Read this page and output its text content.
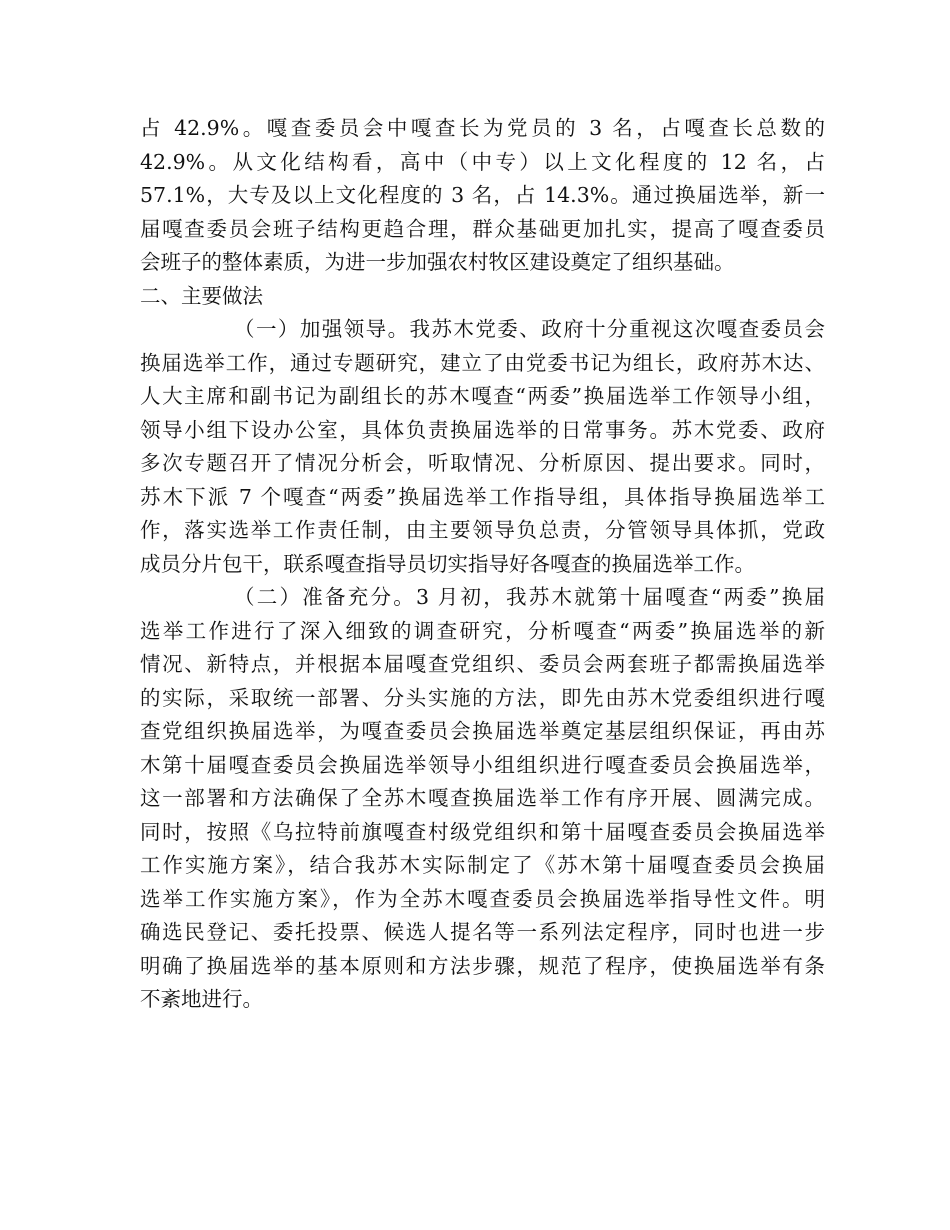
占 42.9%。嘎查委员会中嘎查长为党员的 3 名，占嘎查长总数的
42.9%。从文化结构看，高中（中专）以上文化程度的 12 名，占
57.1%，大专及以上文化程度的 3 名，占 14.3%。通过换届选举，新一
届嘎查委员会班子结构更趋合理，群众基础更加扎实，提高了嘎查委员
会班子的整体素质，为进一步加强农村牧区建设奠定了组织基础。
二、主要做法
（一）加强领导。我苏木党委、政府十分重视这次嘎查委员会
换届选举工作，通过专题研究，建立了由党委书记为组长，政府苏木达、
人大主席和副书记为副组长的苏木嘎查“两委”换届选举工作领导小组，
领导小组下设办公室，具体负责换届选举的日常事务。苏木党委、政府
多次专题召开了情况分析会，听取情况、分析原因、提出要求。同时，
苏木下派 7 个嘎查“两委”换届选举工作指导组，具体指导换届选举工
作，落实选举工作责任制，由主要领导负总责，分管领导具体抓，党政
成员分片包干，联系嘎查指导员切实指导好各嘎查的换届选举工作。
（二）准备充分。3 月初，我苏木就第十届嘎查“两委”换届
选举工作进行了深入细致的调查研究，分析嘎查“两委”换届选举的新
情况、新特点，并根据本届嘎查党组织、委员会两套班子都需换届选举
的实际，采取统一部署、分头实施的方法，即先由苏木党委组织进行嘎
查党组织换届选举，为嘎查委员会换届选举奠定基层组织保证，再由苏
木第十届嘎查委员会换届选举领导小组组织进行嘎查委员会换届选举，
这一部署和方法确保了全苏木嘎查换届选举工作有序开展、圆满完成。
同时，按照《乌拉特前旗嘎查村级党组织和第十届嘎查委员会换届选举
工作实施方案》，结合我苏木实际制定了《苏木第十届嘎查委员会换届
选举工作实施方案》，作为全苏木嘎查委员会换届选举指导性文件。明
确选民登记、委托投票、候选人提名等一系列法定程序，同时也进一步
明确了换届选举的基本原则和方法步骤，规范了程序，使换届选举有条
不紊地进行。
